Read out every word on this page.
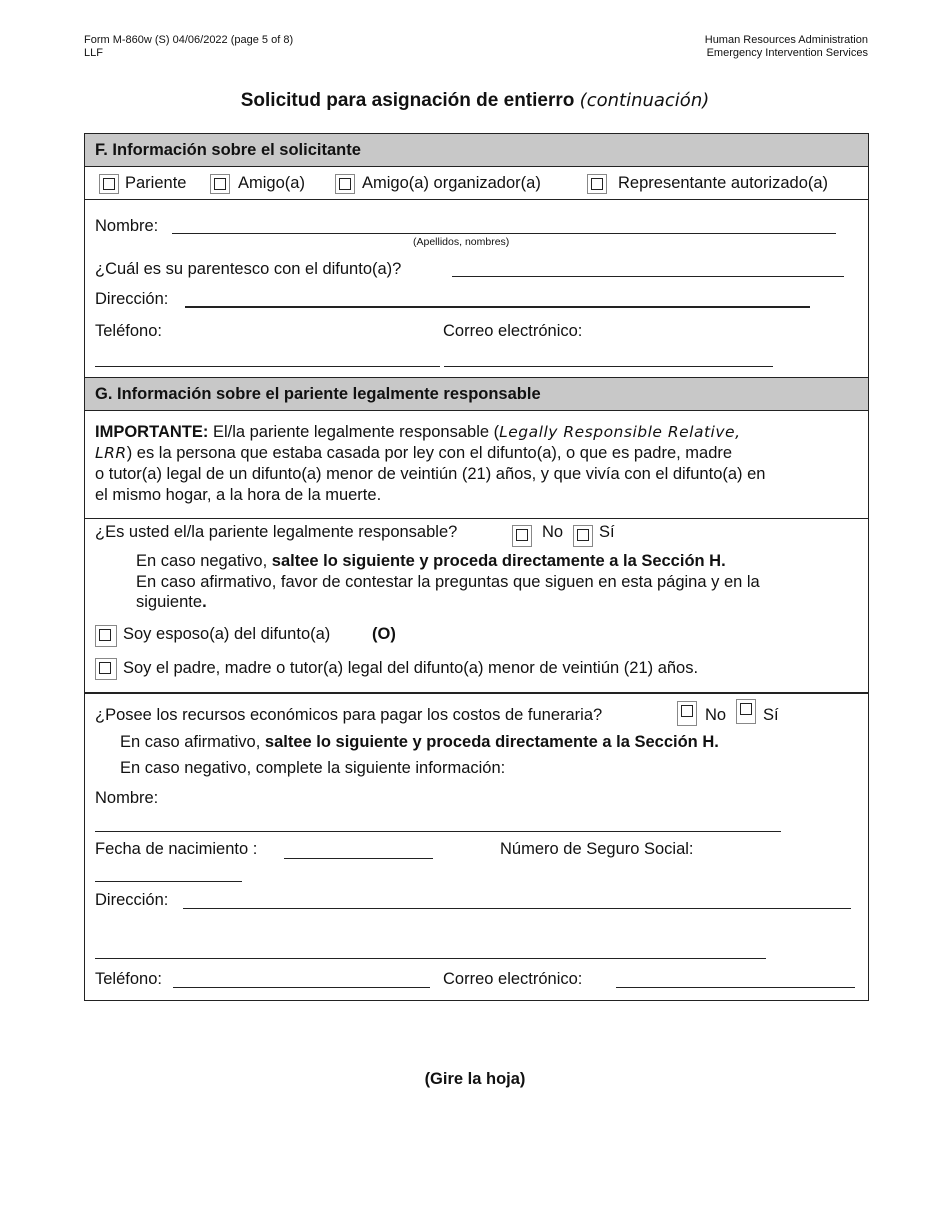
Form M-860w (S) 04/06/2022 (page 5 of 8)
LLF
Human Resources Administration
Emergency Intervention Services
Solicitud para asignación de entierro (continuación)
F. Información sobre el solicitante
Pariente	Amigo(a)	Amigo(a) organizador(a)	Representante autorizado(a)
Nombre:
(Apellidos, nombres)
¿Cuál es su parentesco con el difunto(a)?
Dirección:
Teléfono:	Correo electrónico:
G. Información sobre el pariente legalmente responsable
IMPORTANTE: El/la pariente legalmente responsable (Legally Responsible Relative,
LRR) es la persona que estaba casada por ley con el difunto(a), o que es padre, madre
o tutor(a) legal de un difunto(a) menor de veintiún (21) años, y que vivía con el difunto(a) en
el mismo hogar, a la hora de la muerte.
¿Es usted el/la pariente legalmente responsable?	No Sí
En caso negativo, saltee lo siguiente y proceda directamente a la Sección H.
En caso afirmativo, favor de contestar la preguntas que siguen en esta página y en la
siguiente.
Soy esposo(a) del difunto(a)	(O)
Soy el padre, madre o tutor(a) legal del difunto(a) menor de veintiún (21) años.
¿Posee los recursos económicos para pagar los costos de funeraria?	No Sí
En caso afirmativo, saltee lo siguiente y proceda directamente a la Sección H.
En caso negativo, complete la siguiente información:
Nombre:
Fecha de nacimiento :	Número de Seguro Social:
Dirección:
Teléfono:	Correo electrónico:
(Gire la hoja)
